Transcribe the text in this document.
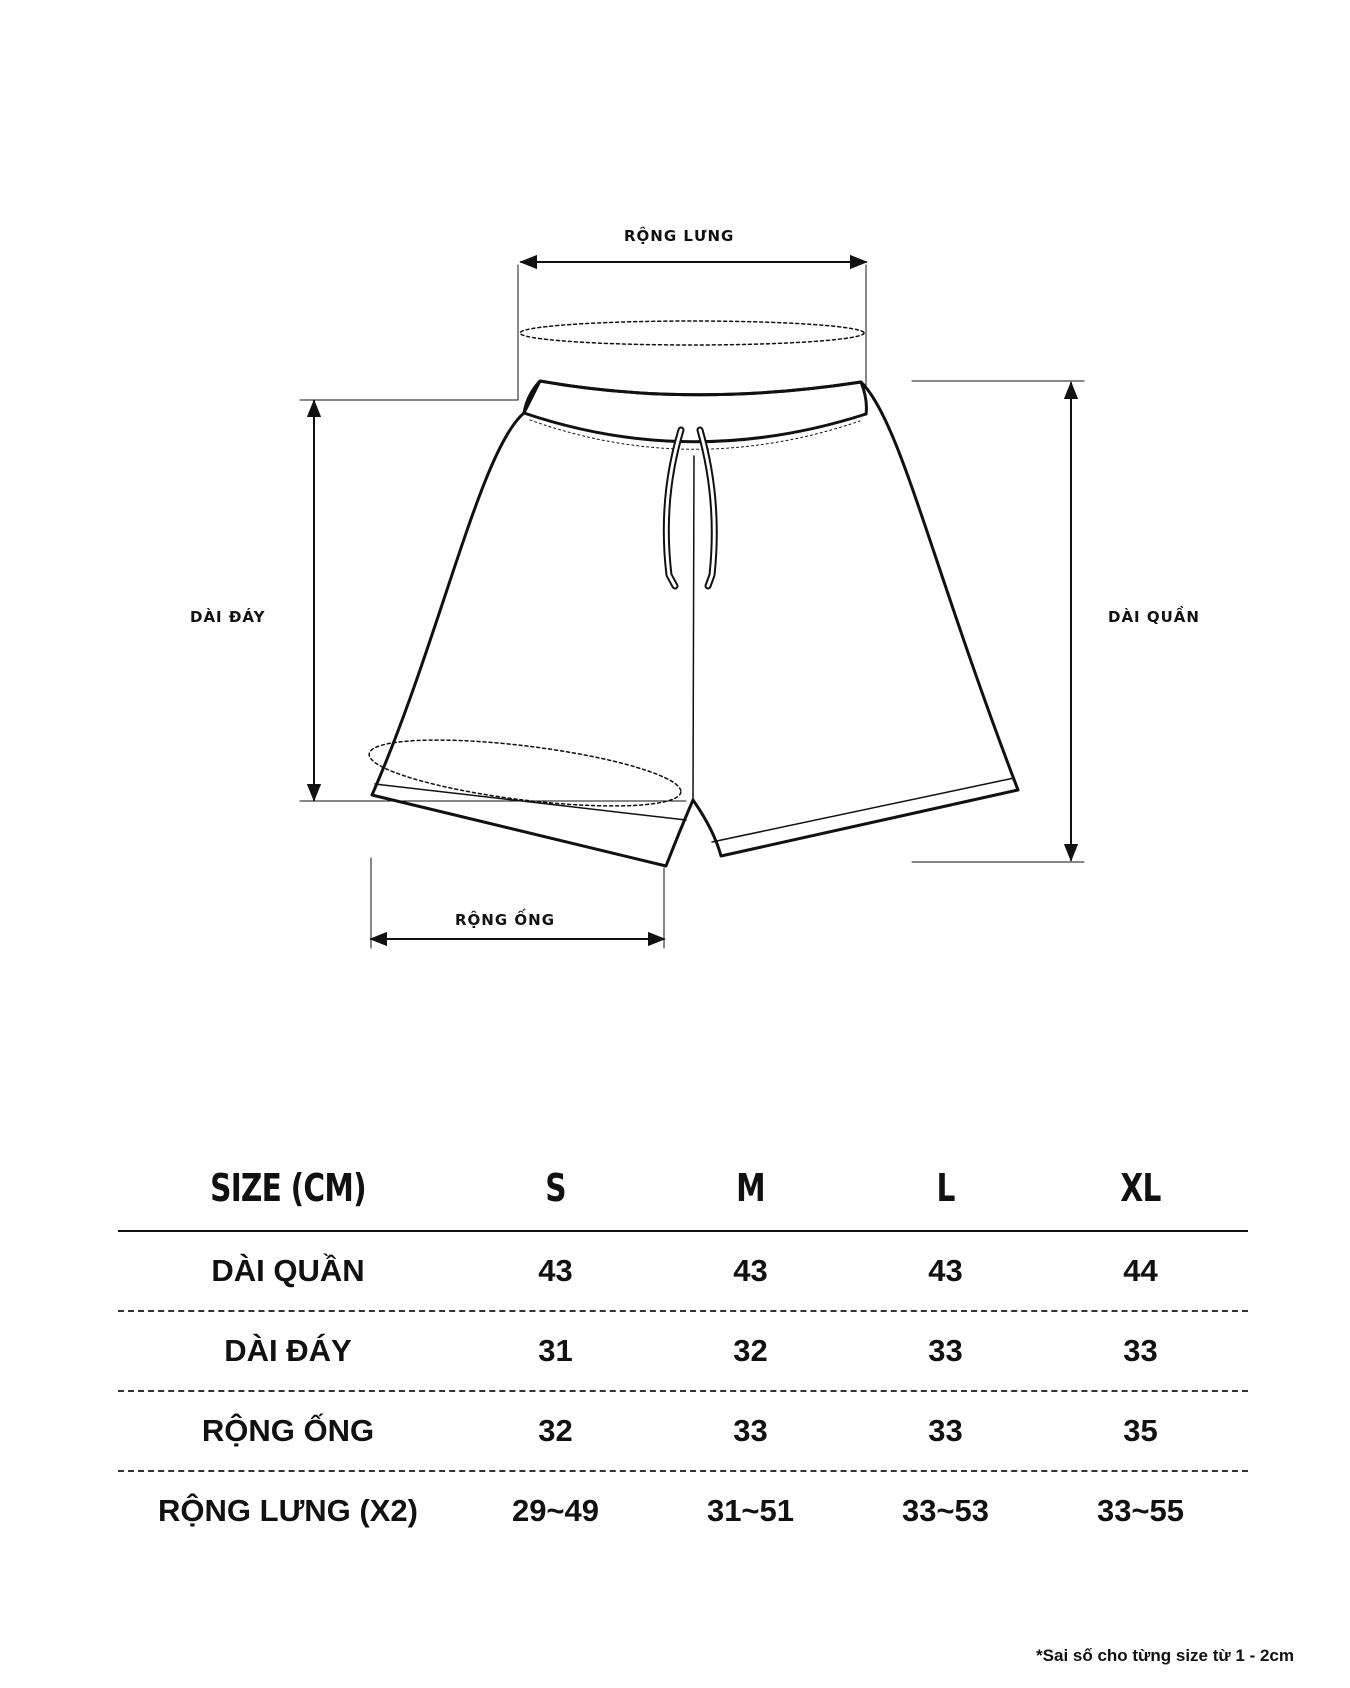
RỘNG LƯNG
DÀI ĐÁY	DÀI QUẦN
RỘNG ỐNG
SIZE (CM)	S	M	L	XL
DÀI QUẦN	43	43	43	44
DÀI ĐÁY	31	32	33	33
RỘNG ỐNG	32	33	33	35
RỘNG LƯNG (X2)	29~49	31~51	33~53	33~55
*Sai số cho từng size từ 1 - 2cm
